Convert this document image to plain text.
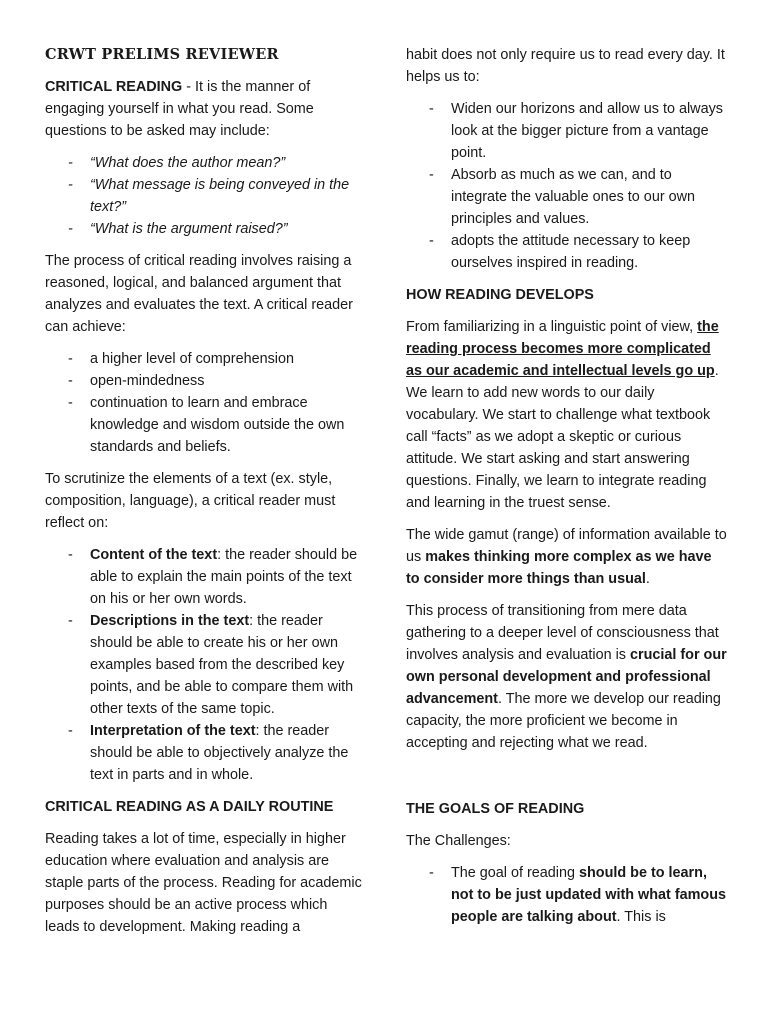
CRWT PRELIMS REVIEWER

CRITICAL READING - It is the manner of engaging yourself in what you read. Some questions to be asked may include:

- “What does the author mean?”
- “What message is being conveyed in the text?”
- “What is the argument raised?”

The process of critical reading involves raising a reasoned, logical, and balanced argument that analyzes and evaluates the text. A critical reader can achieve:

- a higher level of comprehension
- open-mindedness
- continuation to learn and embrace knowledge and wisdom outside the own standards and beliefs.

To scrutinize the elements of a text (ex. style, composition, language), a critical reader must reflect on:

- Content of the text: the reader should be able to explain the main points of the text on his or her own words.
- Descriptions in the text: the reader should be able to create his or her own examples based from the described key points, and be able to compare them with other texts of the same topic.
- Interpretation of the text: the reader should be able to objectively analyze the text in parts and in whole.
CRITICAL READING AS A DAILY ROUTINE

Reading takes a lot of time, especially in higher education where evaluation and analysis are staple parts of the process. Reading for academic purposes should be an active process which leads to development. Making reading a

habit does not only require us to read every day. It helps us to:

- Widen our horizons and allow us to always look at the bigger picture from a vantage point.
- Absorb as much as we can, and to integrate the valuable ones to our own principles and values.
- adopts the attitude necessary to keep ourselves inspired in reading.
HOW READING DEVELOPS

From familiarizing in a linguistic point of view, the reading process becomes more complicated as our academic and intellectual levels go up. We learn to add new words to our daily vocabulary. We start to challenge what textbook call “facts” as we adopt a skeptic or curious attitude. We start asking and start answering questions. Finally, we learn to integrate reading and learning in the truest sense.

The wide gamut (range) of information available to us makes thinking more complex as we have to consider more things than usual.

This process of transitioning from mere data gathering to a deeper level of consciousness that involves analysis and evaluation is crucial for our own personal development and professional advancement. The more we develop our reading capacity, the more proficient we become in accepting and rejecting what we read.

THE GOALS OF READING

The Challenges:

- The goal of reading should be to learn, not to be just updated with what famous people are talking about. This is
